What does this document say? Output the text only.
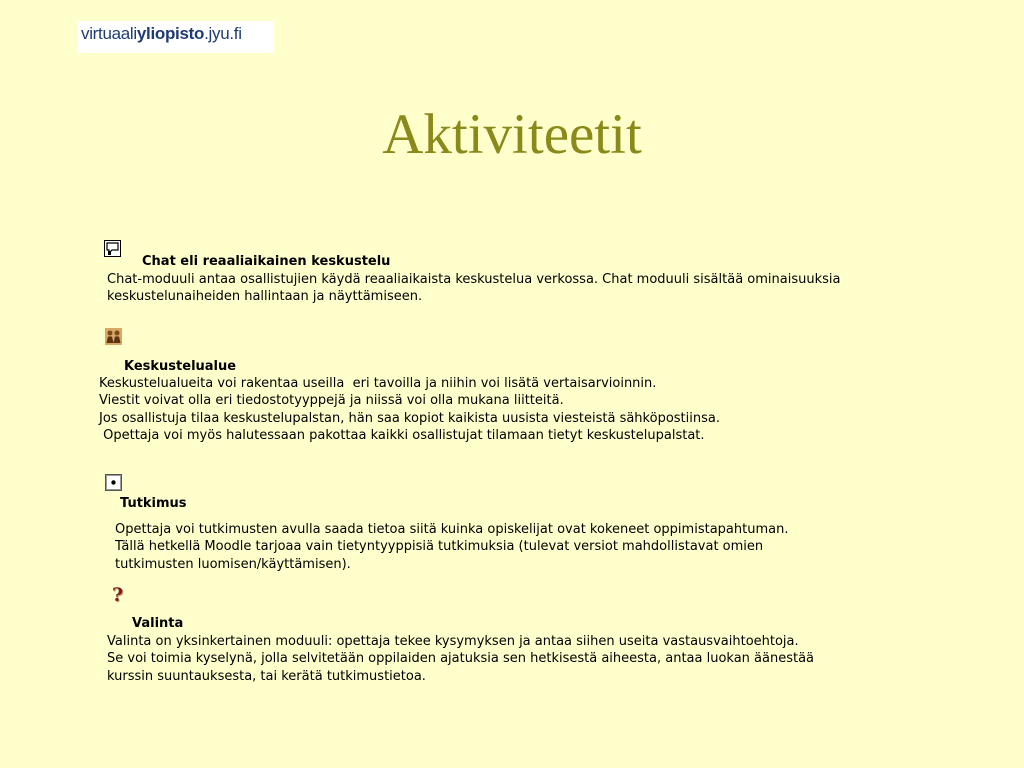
virtuaaliyliopisto.jyu.fi
Aktiviteetit
Chat eli reaaliaikainen keskustelu
Chat-moduuli antaa osallistujien käydä reaaliaikaista keskustelua verkossa. Chat moduuli sisältää ominaisuuksia
keskustelunaiheiden hallintaan ja näyttämiseen.
Keskustelualue
Keskustelualueita voi rakentaa useilla  eri tavoilla ja niihin voi lisätä vertaisarvioinnin.
Viestit voivat olla eri tiedostotyyppejä ja niissä voi olla mukana liitteitä.
Jos osallistuja tilaa keskustelupalstan, hän saa kopiot kaikista uusista viesteistä sähköpostiinsa.
Opettaja voi myös halutessaan pakottaa kaikki osallistujat tilamaan tietyt keskustelupalstat.
Tutkimus
Opettaja voi tutkimusten avulla saada tietoa siitä kuinka opiskelijat ovat kokeneet oppimistapahtuman.
Tällä hetkellä Moodle tarjoaa vain tietyntyyppisiä tutkimuksia (tulevat versiot mahdollistavat omien
tutkimusten luomisen/käyttämisen).
?
Valinta
Valinta on yksinkertainen moduuli: opettaja tekee kysymyksen ja antaa siihen useita vastausvaihtoehtoja.
Se voi toimia kyselynä, jolla selvitetään oppilaiden ajatuksia sen hetkisestä aiheesta, antaa luokan äänestää
kurssin suuntauksesta, tai kerätä tutkimustietoa.
